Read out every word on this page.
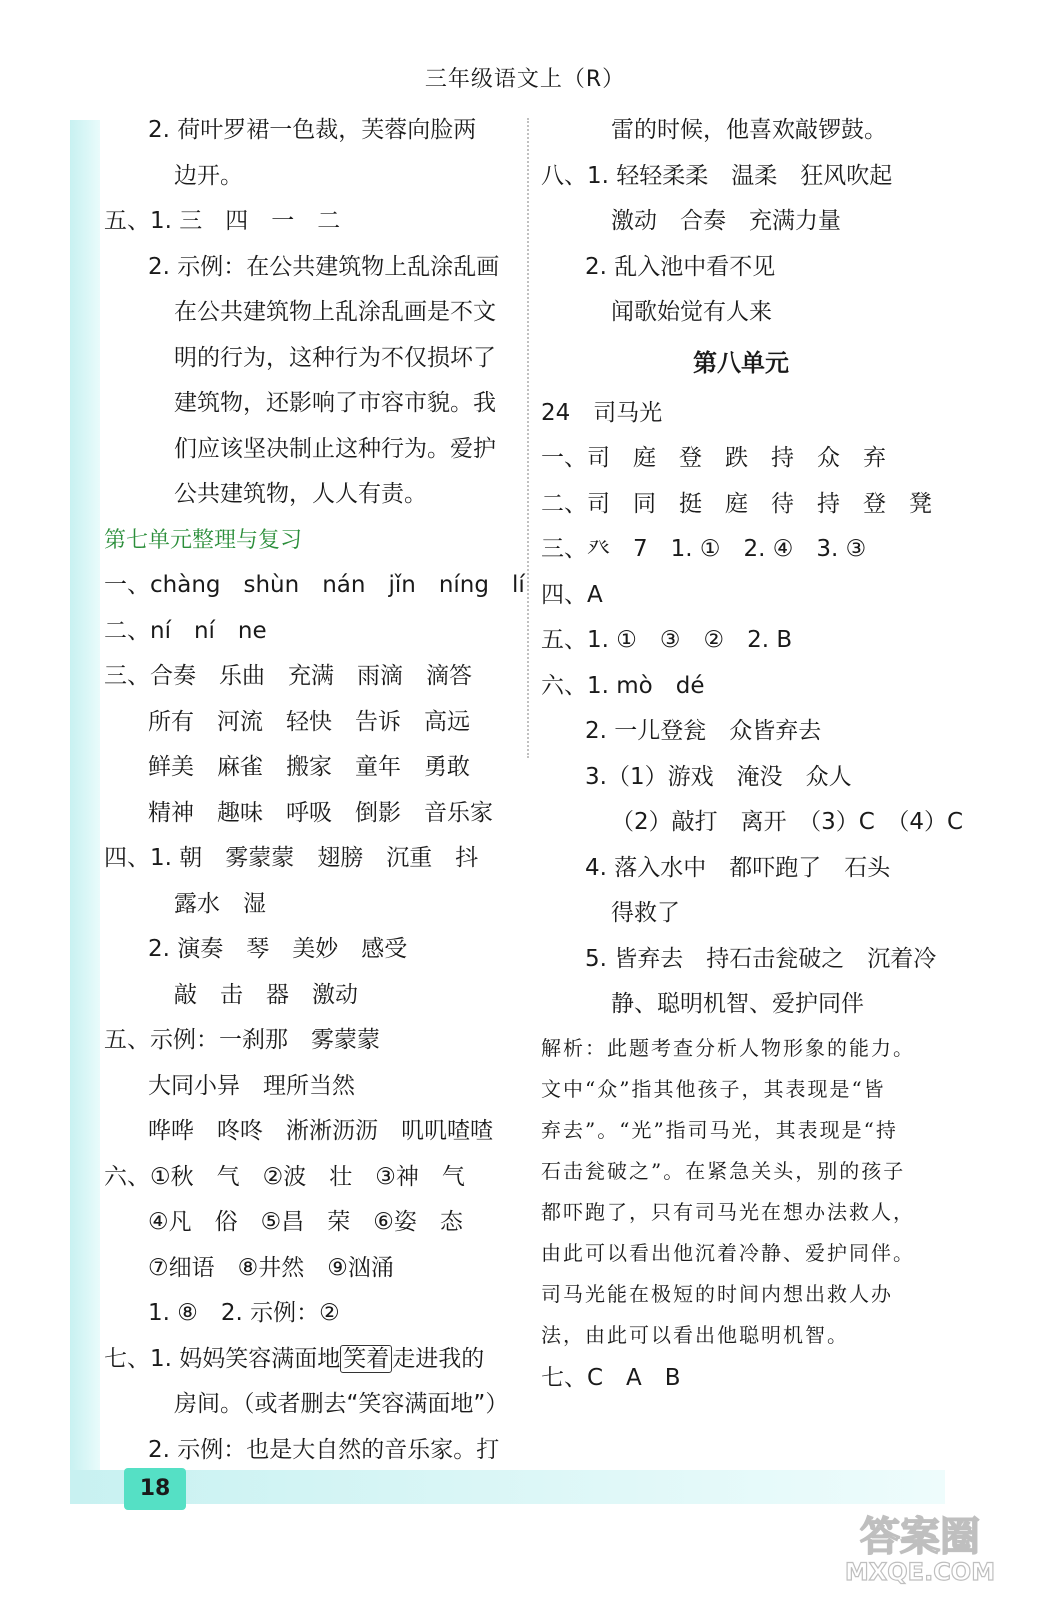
18
三年级语文上（R）
2. 荷叶罗裙一色裁，芙蓉向脸两
边开。
五、1. 三　四　一　二
2. 示例：在公共建筑物上乱涂乱画
在公共建筑物上乱涂乱画是不文
明的行为，这种行为不仅损坏了
建筑物，还影响了市容市貌。我
们应该坚决制止这种行为。爱护
公共建筑物，人人有责。
第七单元整理与复习
一、chàng　shùn　nán　jǐn　níng　lí
二、ní　ní　ne
三、合奏　乐曲　充满　雨滴　滴答
所有　河流　轻快　告诉　高远
鲜美　麻雀　搬家　童年　勇敢
精神　趣味　呼吸　倒影　音乐家
四、1. 朝　雾蒙蒙　翅膀　沉重　抖
露水　湿
2. 演奏　琴　美妙　感受
敲　击　器　激动
五、示例：一刹那　雾蒙蒙
大同小异　理所当然
哗哗　咚咚　淅淅沥沥　叽叽喳喳
六、①秋　气　②波　壮　③神　气
④凡　俗　⑤昌　荣　⑥姿　态
⑦细语　⑧井然　⑨汹涌
1. ⑧　2. 示例：②
七、1. 妈妈笑容满面地 笑着 走进我的
房间。（或者删去“笑容满面地”）
2. 示例：也是大自然的音乐家。打
雷的时候，他喜欢敲锣鼓。
八、1. 轻轻柔柔　温柔　狂风吹起
激动　合奏　充满力量
2. 乱入池中看不见
闻歌始觉有人来
第八单元
24　司马光
一、司　庭　登　跌　持　众　弃
二、司　同　挺　庭　待　持　登　凳
三、癶　7　1. ①　2. ④　3. ③
四、A
五、1. ①　③　②　2. B
六、1. mò　dé
2. 一儿登瓮　众皆弃去
3.（1）游戏　淹没　众人
（2）敲打　离开　（3）C　（4）C
4. 落入水中　都吓跑了　石头
得救了
5. 皆弃去　持石击瓮破之　沉着冷
静、聪明机智、爱护同伴
解析：此题考查分析人物形象的能力。
文中“众”指其他孩子，其表现是“皆
弃去”。“光”指司马光，其表现是“持
石击瓮破之”。在紧急关头，别的孩子
都吓跑了，只有司马光在想办法救人，
由此可以看出他沉着冷静、爱护同伴。
司马光能在极短的时间内想出救人办
法，由此可以看出他聪明机智。
七、C　A　B
答案圈
MXQE.COM
